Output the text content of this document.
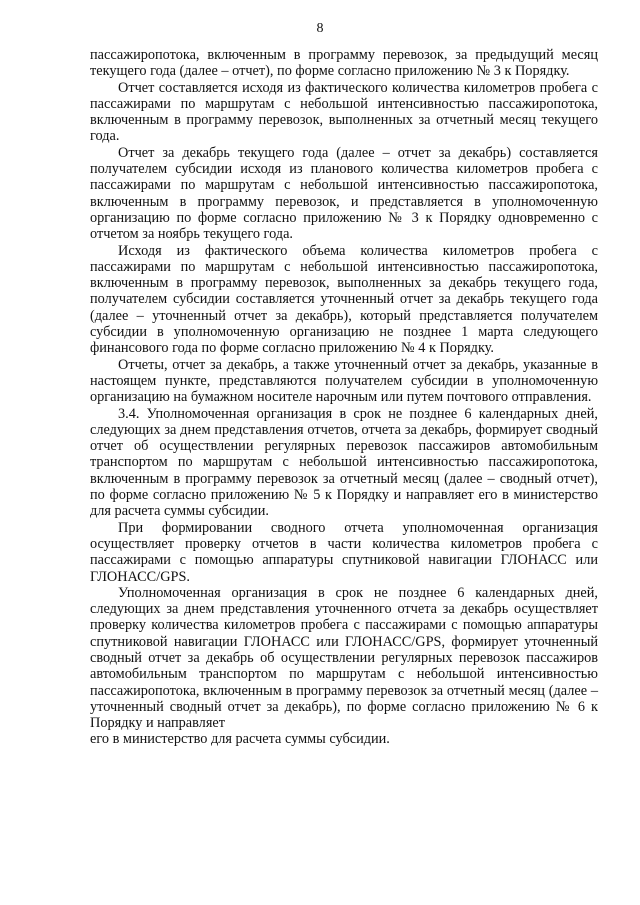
8

пассажиропотока, включенным в программу перевозок, за предыдущий месяц текущего года (далее – отчет), по форме согласно приложению № 3 к Порядку.

Отчет составляется исходя из фактического количества километров пробега с пассажирами по маршрутам с небольшой интенсивностью пассажиропотока, включенным в программу перевозок, выполненных за отчетный месяц текущего года.

Отчет за декабрь текущего года (далее – отчет за декабрь) составляется получателем субсидии исходя из планового количества километров пробега с пассажирами по маршрутам с небольшой интенсивностью пассажиропотока, включенным в программу перевозок, и представляется в уполномоченную организацию по форме согласно приложению № 3 к Порядку одновременно с отчетом за ноябрь текущего года.

Исходя из фактического объема количества километров пробега с пассажирами по маршрутам с небольшой интенсивностью пассажиропотока, включенным в программу перевозок, выполненных за декабрь текущего года, получателем субсидии составляется уточненный отчет за декабрь текущего года (далее – уточненный отчет за декабрь), который представляется получателем субсидии в уполномоченную организацию не позднее 1 марта следующего финансового года по форме согласно приложению № 4 к Порядку.

Отчеты, отчет за декабрь, а также уточненный отчет за декабрь, указанные в настоящем пункте, представляются получателем субсидии в уполномоченную организацию на бумажном носителе нарочным или путем почтового отправления.

3.4. Уполномоченная организация в срок не позднее 6 календарных дней, следующих за днем представления отчетов, отчета за декабрь, формирует сводный отчет об осуществлении регулярных перевозок пассажиров автомобильным транспортом по маршрутам с небольшой интенсивностью пассажиропотока, включенным в программу перевозок за отчетный месяц (далее – сводный отчет), по форме согласно приложению № 5 к Порядку и направляет его в министерство для расчета суммы субсидии.

При формировании сводного отчета уполномоченная организация осуществляет проверку отчетов в части количества километров пробега с пассажирами с помощью аппаратуры спутниковой навигации ГЛОНАСС или ГЛОНАСС/GPS.

Уполномоченная организация в срок не позднее 6 календарных дней, следующих за днем представления уточненного отчета за декабрь осуществляет проверку количества километров пробега с пассажирами с помощью аппаратуры спутниковой навигации ГЛОНАСС или ГЛОНАСС/GPS, формирует уточненный сводный отчет за декабрь об осуществлении регулярных перевозок пассажиров автомобильным транспортом по маршрутам с небольшой интенсивностью пассажиропотока, включенным в программу перевозок за отчетный месяц (далее – уточненный сводный отчет за декабрь), по форме согласно приложению № 6 к Порядку и направляет

его в министерство для расчета суммы субсидии.
